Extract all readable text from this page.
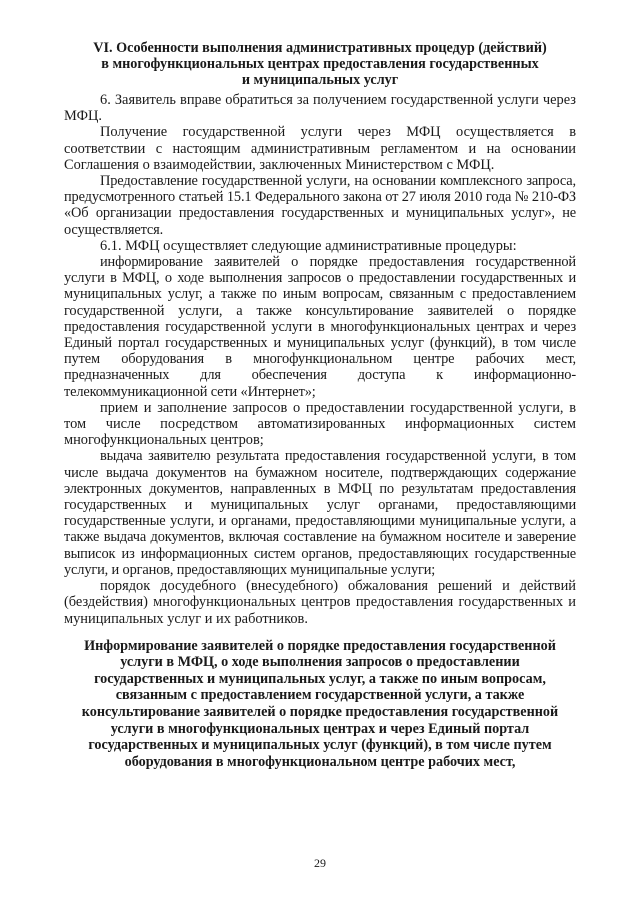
VI. Особенности выполнения административных процедур (действий)
в многофункциональных центрах предоставления государственных
и муниципальных услуг

6. Заявитель вправе обратиться за получением государственной услуги через МФЦ.

Получение государственной услуги через МФЦ осуществляется в соответствии с настоящим административным регламентом и на основании Соглашения о взаимодействии, заключенных Министерством с МФЦ.

Предоставление государственной услуги, на основании комплексного запроса, предусмотренного статьей 15.1 Федерального закона от 27 июля 2010 года № 210-ФЗ «Об организации предоставления государственных и муниципальных услуг», не осуществляется.

6.1. МФЦ осуществляет следующие административные процедуры:

информирование заявителей о порядке предоставления государственной услуги в МФЦ, о ходе выполнения запросов о предоставлении государственных и муниципальных услуг, а также по иным вопросам, связанным с предоставлением государственной услуги, а также консультирование заявителей о порядке предоставления государственной услуги в многофункциональных центрах и через Единый портал государственных и муниципальных услуг (функций), в том числе путем оборудования в многофункциональном центре рабочих мест, предназначенных для обеспечения доступа к информационно-телекоммуникационной сети «Интернет»;

прием и заполнение запросов о предоставлении государственной услуги, в том числе посредством автоматизированных информационных систем многофункциональных центров;

выдача заявителю результата предоставления государственной услуги, в том числе выдача документов на бумажном носителе, подтверждающих содержание электронных документов, направленных в МФЦ по результатам предоставления государственных и муниципальных услуг органами, предоставляющими государственные услуги, и органами, предоставляющими муниципальные услуги, а также выдача документов, включая составление на бумажном носителе и заверение выписок из информационных систем органов, предоставляющих государственные услуги, и органов, предоставляющих муниципальные услуги;

порядок досудебного (внесудебного) обжалования решений и действий (бездействия) многофункциональных центров предоставления государственных и муниципальных услуг и их работников.

Информирование заявителей о порядке предоставления государственной
услуги в МФЦ, о ходе выполнения запросов о предоставлении
государственных и муниципальных услуг, а также по иным вопросам,
связанным с предоставлением государственной услуги, а также
консультирование заявителей о порядке предоставления государственной
услуги в многофункциональных центрах и через Единый портал
государственных и муниципальных услуг (функций), в том числе путем
оборудования в многофункциональном центре рабочих мест,
29
